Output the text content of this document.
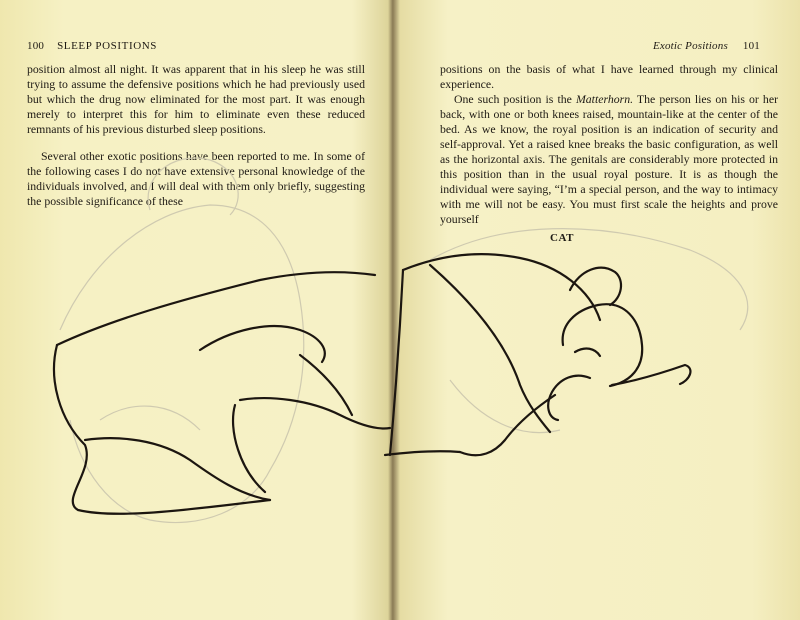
100 SLEEP POSITIONS

position almost all night. It was apparent that in his sleep he was still trying to assume the defensive positions which he had previously used but which the drug now eliminated for the most part. It was enough merely to interpret this for him to eliminate even these reduced remnants of his previous disturbed sleep positions.

Several other exotic positions have been reported to me. In some of the following cases I do not have extensive personal knowledge of the individuals involved, and I will deal with them only briefly, suggesting the possible significance of these

Exotic Positions 101

positions on the basis of what I have learned through my clinical experience.

One such position is the Matterhorn. The person lies on his or her back, with one or both knees raised, mountain-like at the center of the bed. As we know, the royal position is an indication of security and self-approval. Yet a raised knee breaks the basic configuration, as well as the horizontal axis. The genitals are considerably more protected in this position than in the usual royal posture. It is as though the individual were saying, “I’m a special person, and the way to intimacy with me will not be easy. You must first scale the heights and prove yourself

CAT
